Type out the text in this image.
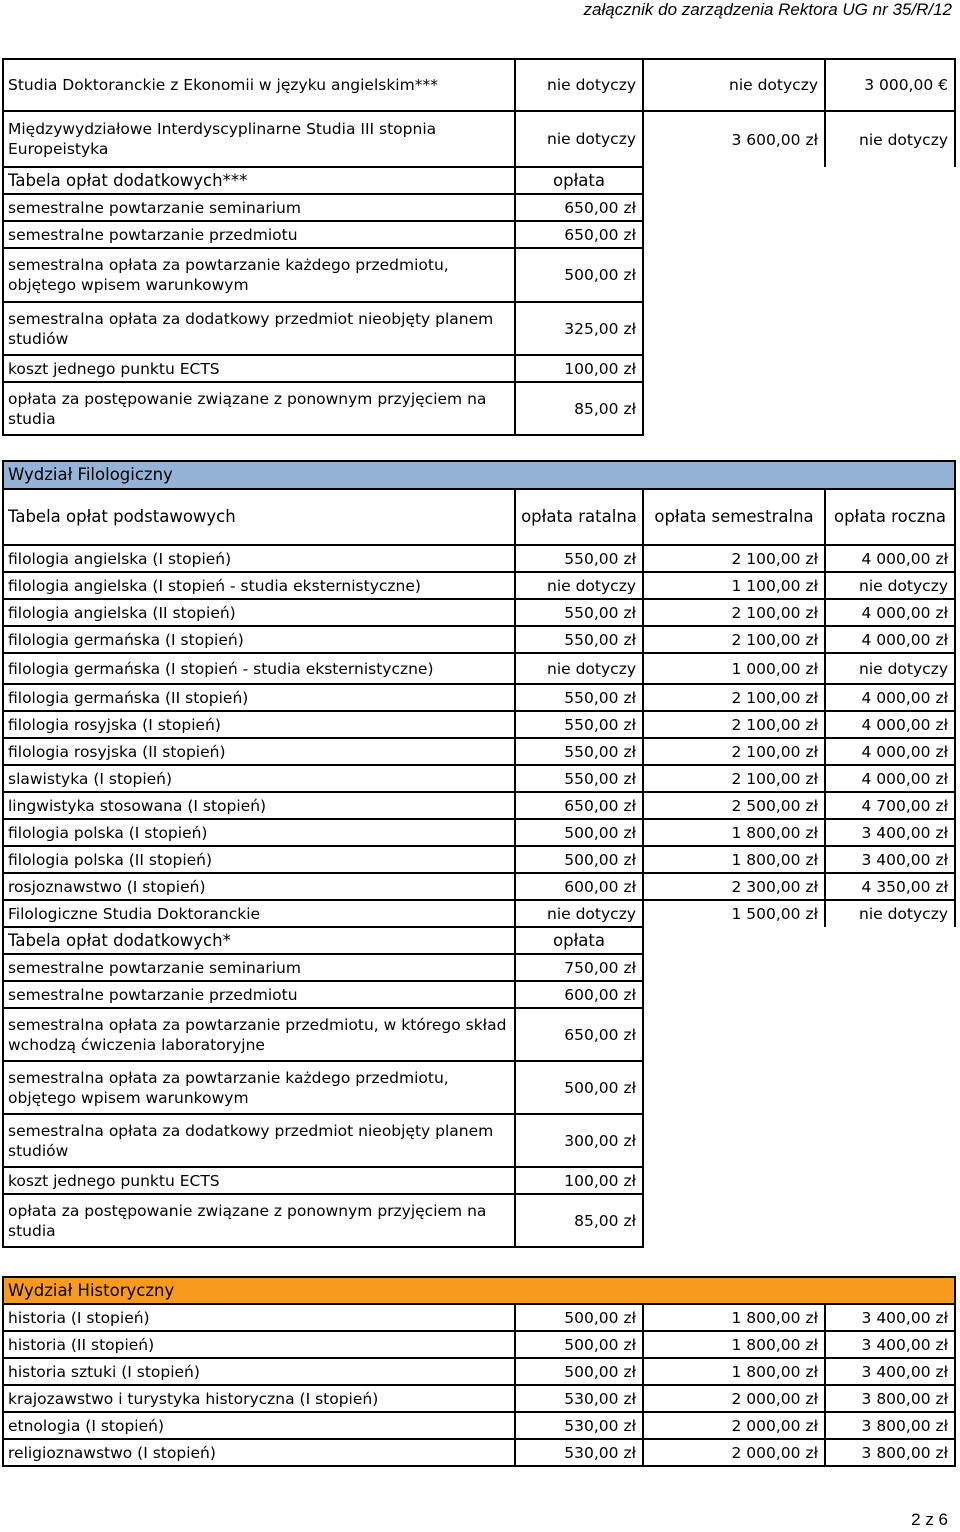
załącznik do zarządzenia Rektora UG nr 35/R/12
Studia Doktoranckie z Ekonomii w języku angielskim***	nie dotyczy	nie dotyczy	3 000,00 €
Międzywydziałowe Interdyscyplinarne Studia III stopnia Europeistyka	nie dotyczy	3 600,00 zł	nie dotyczy
Tabela opłat dodatkowych***	opłata		
semestralne powtarzanie seminarium	650,00 zł		
semestralne powtarzanie przedmiotu	650,00 zł		
semestralna opłata za powtarzanie każdego przedmiotu, objętego wpisem warunkowym	500,00 zł		
semestralna opłata za dodatkowy przedmiot nieobjęty planem studiów	325,00 zł		
koszt jednego punktu ECTS	100,00 zł		
opłata za postępowanie związane z ponownym przyjęciem na studia	85,00 zł		
Wydział Filologiczny			
Tabela opłat podstawowych	opłata ratalna	opłata semestralna	opłata roczna
filologia angielska (I stopień)	550,00 zł	2 100,00 zł	4 000,00 zł
filologia angielska (I stopień - studia eksternistyczne)	nie dotyczy	1 100,00 zł	nie dotyczy
filologia angielska (II stopień)	550,00 zł	2 100,00 zł	4 000,00 zł
filologia germańska (I stopień)	550,00 zł	2 100,00 zł	4 000,00 zł
filologia germańska (I stopień - studia eksternistyczne)	nie dotyczy	1 000,00 zł	nie dotyczy
filologia germańska (II stopień)	550,00 zł	2 100,00 zł	4 000,00 zł
filologia rosyjska (I stopień)	550,00 zł	2 100,00 zł	4 000,00 zł
filologia rosyjska (II stopień)	550,00 zł	2 100,00 zł	4 000,00 zł
slawistyka (I stopień)	550,00 zł	2 100,00 zł	4 000,00 zł
lingwistyka stosowana (I stopień)	650,00 zł	2 500,00 zł	4 700,00 zł
filologia polska (I stopień)	500,00 zł	1 800,00 zł	3 400,00 zł
filologia polska (II stopień)	500,00 zł	1 800,00 zł	3 400,00 zł
rosjoznawstwo (I stopień)	600,00 zł	2 300,00 zł	4 350,00 zł
Filologiczne Studia Doktoranckie	nie dotyczy	1 500,00 zł	nie dotyczy
Tabela opłat dodatkowych*	opłata		
semestralne powtarzanie seminarium	750,00 zł		
semestralne powtarzanie przedmiotu	600,00 zł		
semestralna opłata za powtarzanie przedmiotu, w którego skład wchodzą ćwiczenia laboratoryjne	650,00 zł		
semestralna opłata za powtarzanie każdego przedmiotu, objętego wpisem warunkowym	500,00 zł		
semestralna opłata za dodatkowy przedmiot nieobjęty planem studiów	300,00 zł		
koszt jednego punktu ECTS	100,00 zł		
opłata za postępowanie związane z ponownym przyjęciem na studia	85,00 zł		
Wydział Historyczny			
historia (I stopień)	500,00 zł	1 800,00 zł	3 400,00 zł
historia (II stopień)	500,00 zł	1 800,00 zł	3 400,00 zł
historia sztuki (I stopień)	500,00 zł	1 800,00 zł	3 400,00 zł
krajozawstwo i turystyka historyczna (I stopień)	530,00 zł	2 000,00 zł	3 800,00 zł
etnologia (I stopień)	530,00 zł	2 000,00 zł	3 800,00 zł
religioznawstwo (I stopień)	530,00 zł	2 000,00 zł	3 800,00 zł
2 z 6
